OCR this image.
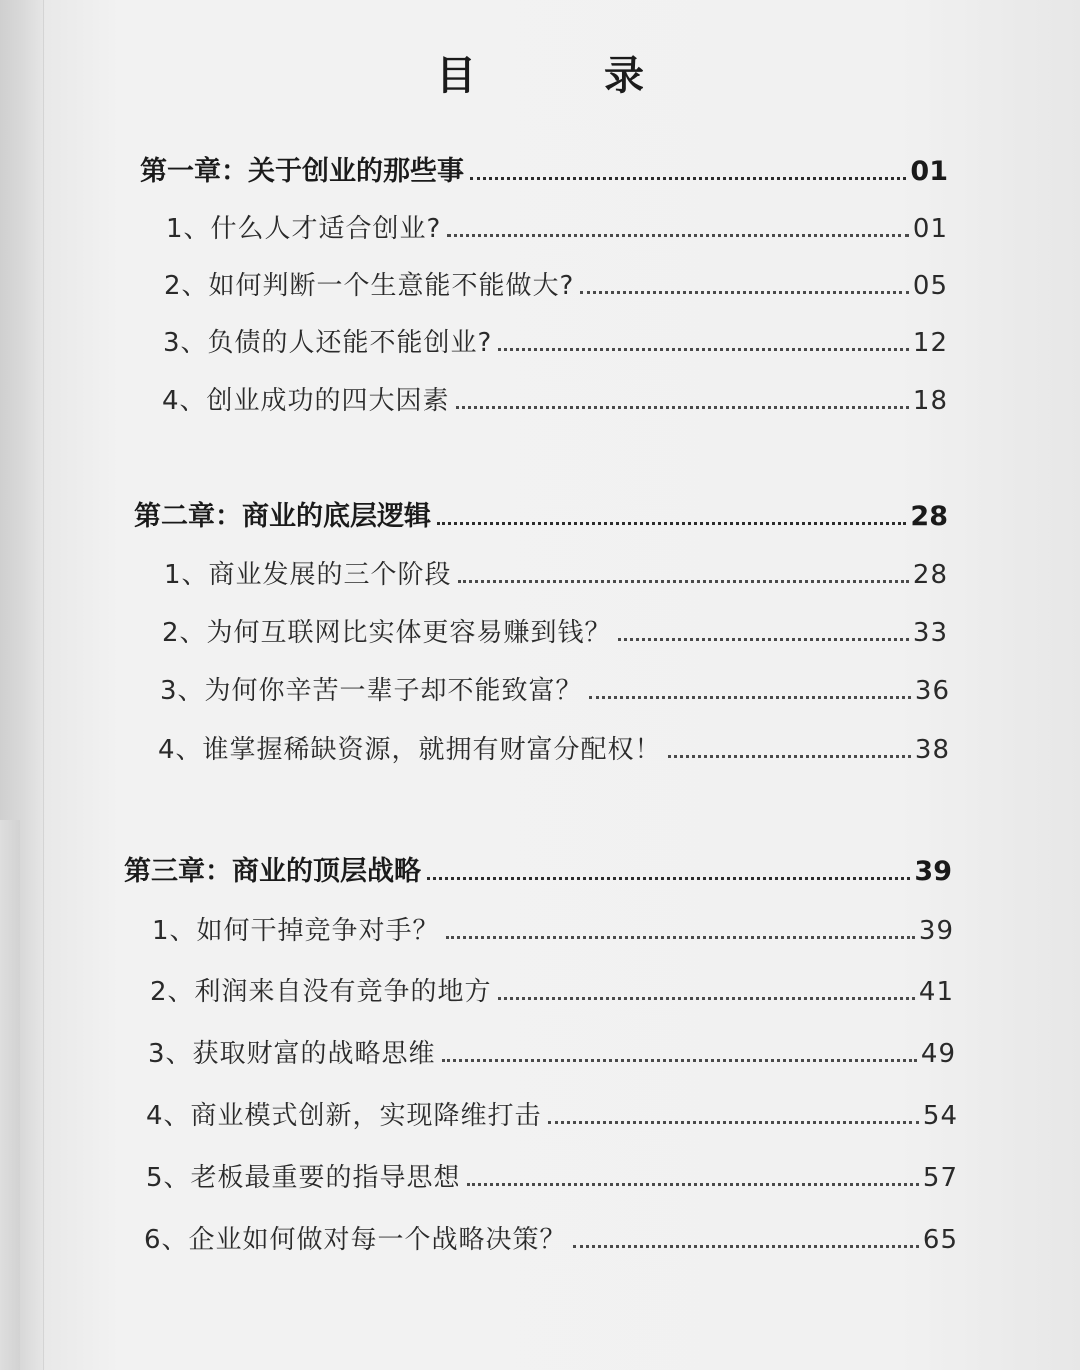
目　录
第一章：关于创业的那些事	01
1、什么人才适合创业?	01
2、如何判断一个生意能不能做大?	05
3、负债的人还能不能创业?	12
4、创业成功的四大因素	18
第二章：商业的底层逻辑	28
1、商业发展的三个阶段	28
2、为何互联网比实体更容易赚到钱？	33
3、为何你辛苦一辈子却不能致富？	36
4、谁掌握稀缺资源，就拥有财富分配权！	38
第三章：商业的顶层战略	39
1、如何干掉竞争对手？	39
2、利润来自没有竞争的地方	41
3、获取财富的战略思维	49
4、商业模式创新，实现降维打击	54
5、老板最重要的指导思想	57
6、企业如何做对每一个战略决策？	65
